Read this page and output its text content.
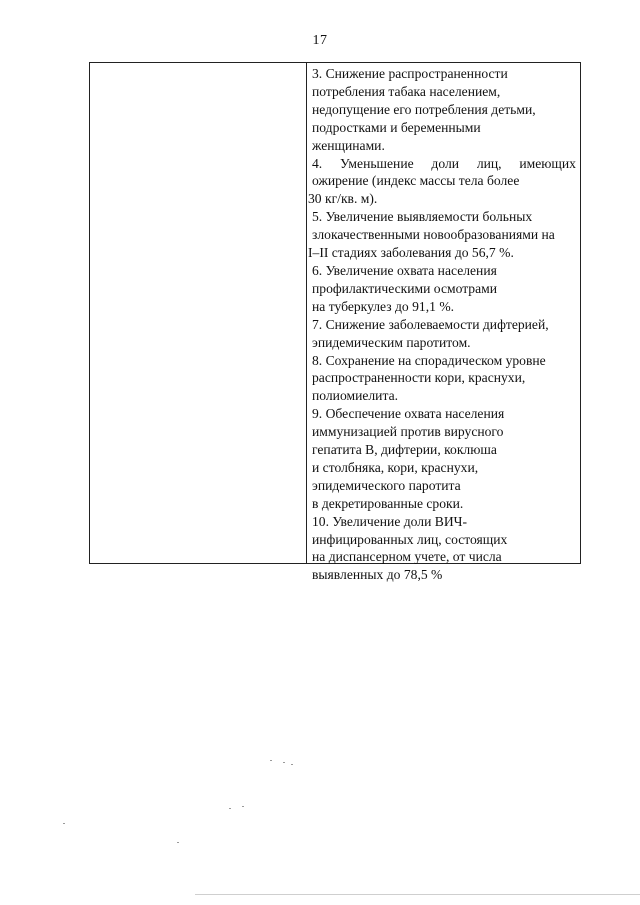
17
3. Снижение распространенности
потребления табака населением,
недопущение его потребления детьми,
подростками и беременными
женщинами.
4. Уменьшение доли лиц, имеющих
ожирение (индекс массы тела более
30 кг/кв. м).
5. Увеличение выявляемости больных
злокачественными новообразованиями на
I–II стадиях заболевания до 56,7 %.
6. Увеличение охвата населения
профилактическими осмотрами
на туберкулез до 91,1 %.
7. Снижение заболеваемости дифтерией,
эпидемическим паротитом.
8. Сохранение на спорадическом уровне
распространенности кори, краснухи,
полиомиелита.
9. Обеспечение охвата населения
иммунизацией против вирусного
гепатита В, дифтерии, коклюша
и столбняка, кори, краснухи,
эпидемического паротита
в декретированные сроки.
10. Увеличение доли ВИЧ-
инфицированных лиц, состоящих
на диспансерном учете, от числа
выявленных до 78,5 %
